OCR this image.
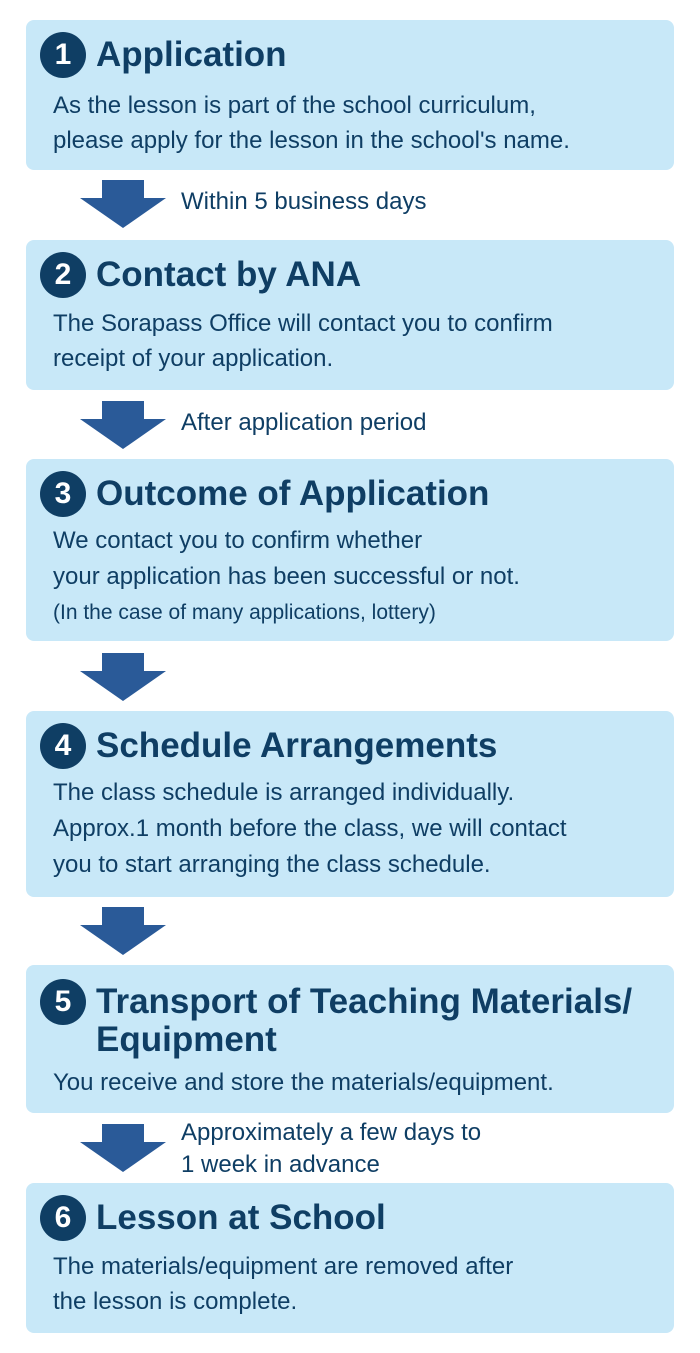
1 Application
As the lesson is part of the school curriculum,
please apply for the lesson in the school's name.
Within 5 business days
2 Contact by ANA
The Sorapass Office will contact you to confirm
receipt of your application.
After application period
3 Outcome of Application
We contact you to confirm whether
your application has been successful or not.
(In the case of many applications, lottery)
4 Schedule Arrangements
The class schedule is arranged individually.
Approx.1 month before the class, we will contact
you to start arranging the class schedule.
5 Transport of Teaching Materials/
Equipment
You receive and store the materials/equipment.
Approximately a few days to
1 week in advance
6 Lesson at School
The materials/equipment are removed after
the lesson is complete.
